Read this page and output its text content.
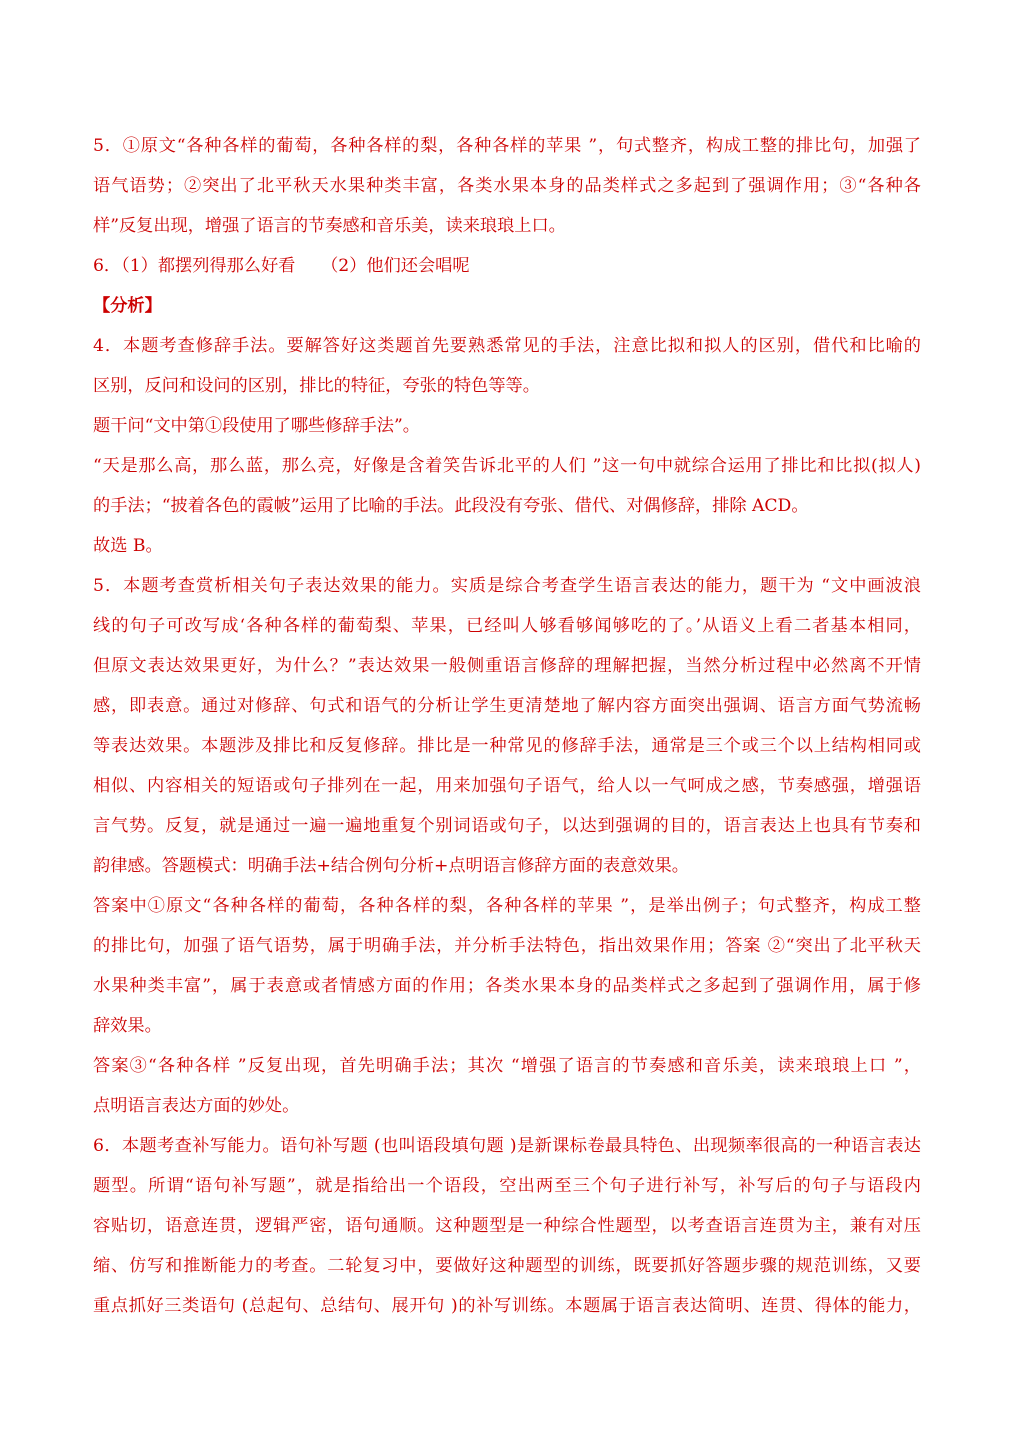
5．①原文“各种各样的葡萄，各种各样的梨，各种各样的苹果 ”，句式整齐，构成工整的排比句，加强了
语气语势；②突出了北平秋天水果种类丰富，各类水果本身的品类样式之多起到了强调作用；③“各种各
样”反复出现，增强了语言的节奏感和音乐美，读来琅琅上口。
6．（1）都摆列得那么好看　　（2）他们还会唱呢
【分析】
4．本题考查修辞手法。要解答好这类题首先要熟悉常见的手法，注意比拟和拟人的区别，借代和比喻的
区别，反问和设问的区别，排比的特征，夸张的特色等等。
题干问“文中第①段使用了哪些修辞手法”。
“天是那么高，那么蓝，那么亮，好像是含着笑告诉北平的人们 ”这一句中就综合运用了排比和比拟(拟人)
的手法；“披着各色的霞帔”运用了比喻的手法。此段没有夸张、借代、对偶修辞，排除 ACD。
故选 B。
5．本题考查赏析相关句子表达效果的能力。实质是综合考查学生语言表达的能力，题干为 “文中画波浪
线的句子可改写成‘各种各样的葡萄梨、苹果，已经叫人够看够闻够吃的了。’从语义上看二者基本相同，
但原文表达效果更好，为什么？”表达效果一般侧重语言修辞的理解把握，当然分析过程中必然离不开情
感，即表意。通过对修辞、句式和语气的分析让学生更清楚地了解内容方面突出强调、语言方面气势流畅
等表达效果。本题涉及排比和反复修辞。排比是一种常见的修辞手法，通常是三个或三个以上结构相同或
相似、内容相关的短语或句子排列在一起，用来加强句子语气，给人以一气呵成之感，节奏感强，增强语
言气势。反复，就是通过一遍一遍地重复个别词语或句子，以达到强调的目的，语言表达上也具有节奏和
韵律感。答题模式：明确手法+结合例句分析+点明语言修辞方面的表意效果。
答案中①原文“各种各样的葡萄，各种各样的梨，各种各样的苹果 ”，是举出例子；句式整齐，构成工整
的排比句，加强了语气语势，属于明确手法，并分析手法特色，指出效果作用；答案 ②“突出了北平秋天
水果种类丰富”，属于表意或者情感方面的作用；各类水果本身的品类样式之多起到了强调作用，属于修
辞效果。
答案③“各种各样 ”反复出现，首先明确手法；其次 “增强了语言的节奏感和音乐美，读来琅琅上口 ”，
点明语言表达方面的妙处。
6．本题考查补写能力。语句补写题 (也叫语段填句题 )是新课标卷最具特色、出现频率很高的一种语言表达
题型。所谓“语句补写题”，就是指给出一个语段，空出两至三个句子进行补写，补写后的句子与语段内
容贴切，语意连贯，逻辑严密，语句通顺。这种题型是一种综合性题型，以考查语言连贯为主，兼有对压
缩、仿写和推断能力的考查。二轮复习中，要做好这种题型的训练，既要抓好答题步骤的规范训练，又要
重点抓好三类语句 (总起句、总结句、展开句 )的补写训练。本题属于语言表达简明、连贯、得体的能力，
